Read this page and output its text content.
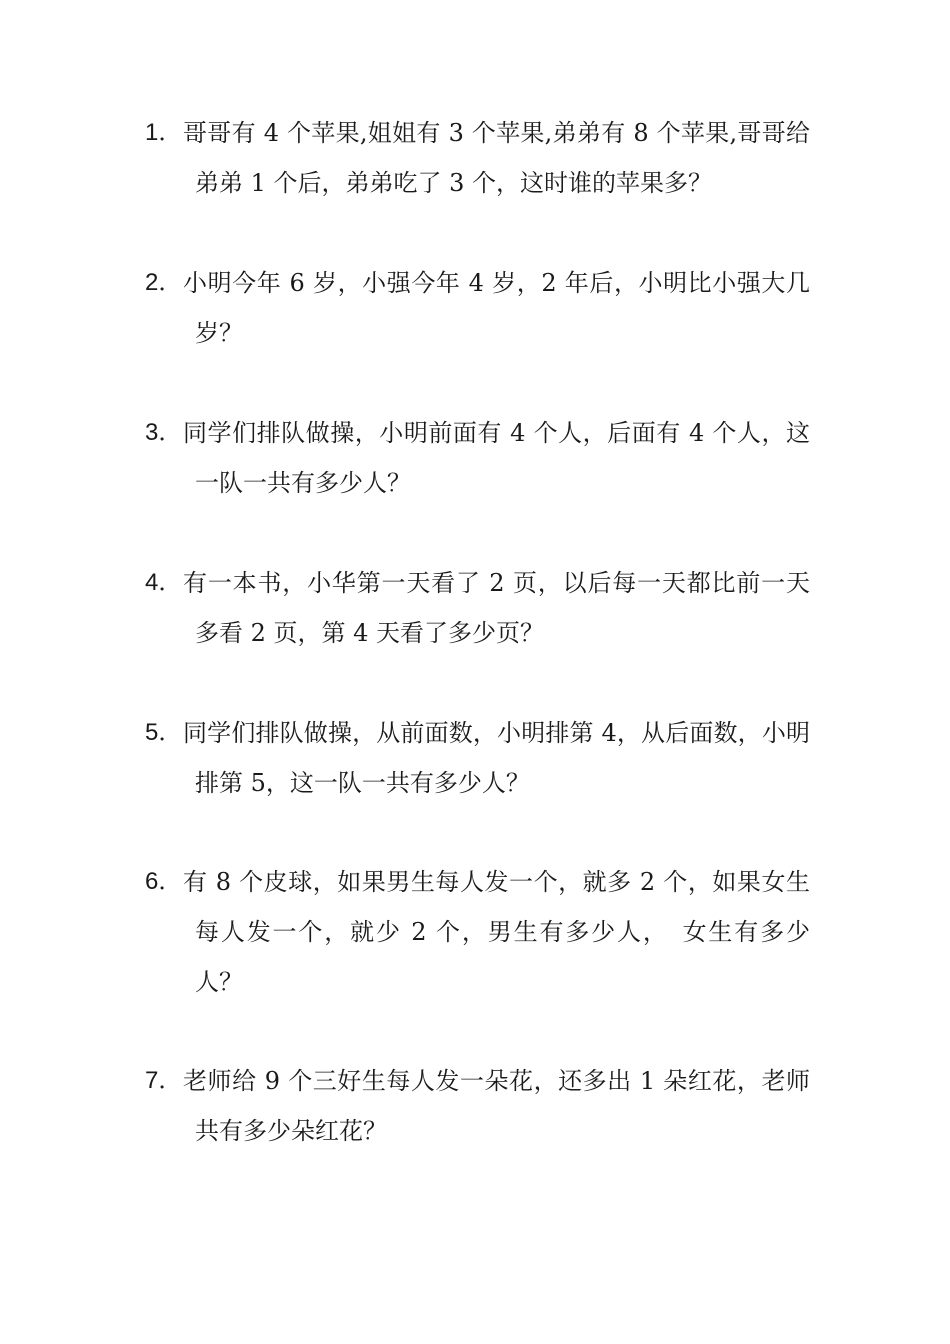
1． 哥哥有 4 个苹果,姐姐有 3 个苹果,弟弟有 8 个苹果,哥哥给弟弟 1 个后，弟弟吃了 3 个，这时谁的苹果多？
2． 小明今年 6 岁，小强今年 4 岁，2 年后，小明比小强大几岁？
3． 同学们排队做操，小明前面有 4 个人，后面有 4 个人，这一队一共有多少人？
4． 有一本书，小华第一天看了 2 页，以后每一天都比前一天多看 2 页，第 4 天看了多少页？
5． 同学们排队做操，从前面数，小明排第 4，从后面数，小明排第 5，这一队一共有多少人？
6． 有 8 个皮球，如果男生每人发一个，就多 2 个，如果女生每人发一个，就少 2 个，男生有多少人，　女生有多少人？
7． 老师给 9 个三好生每人发一朵花，还多出 1 朵红花，老师共有多少朵红花？
